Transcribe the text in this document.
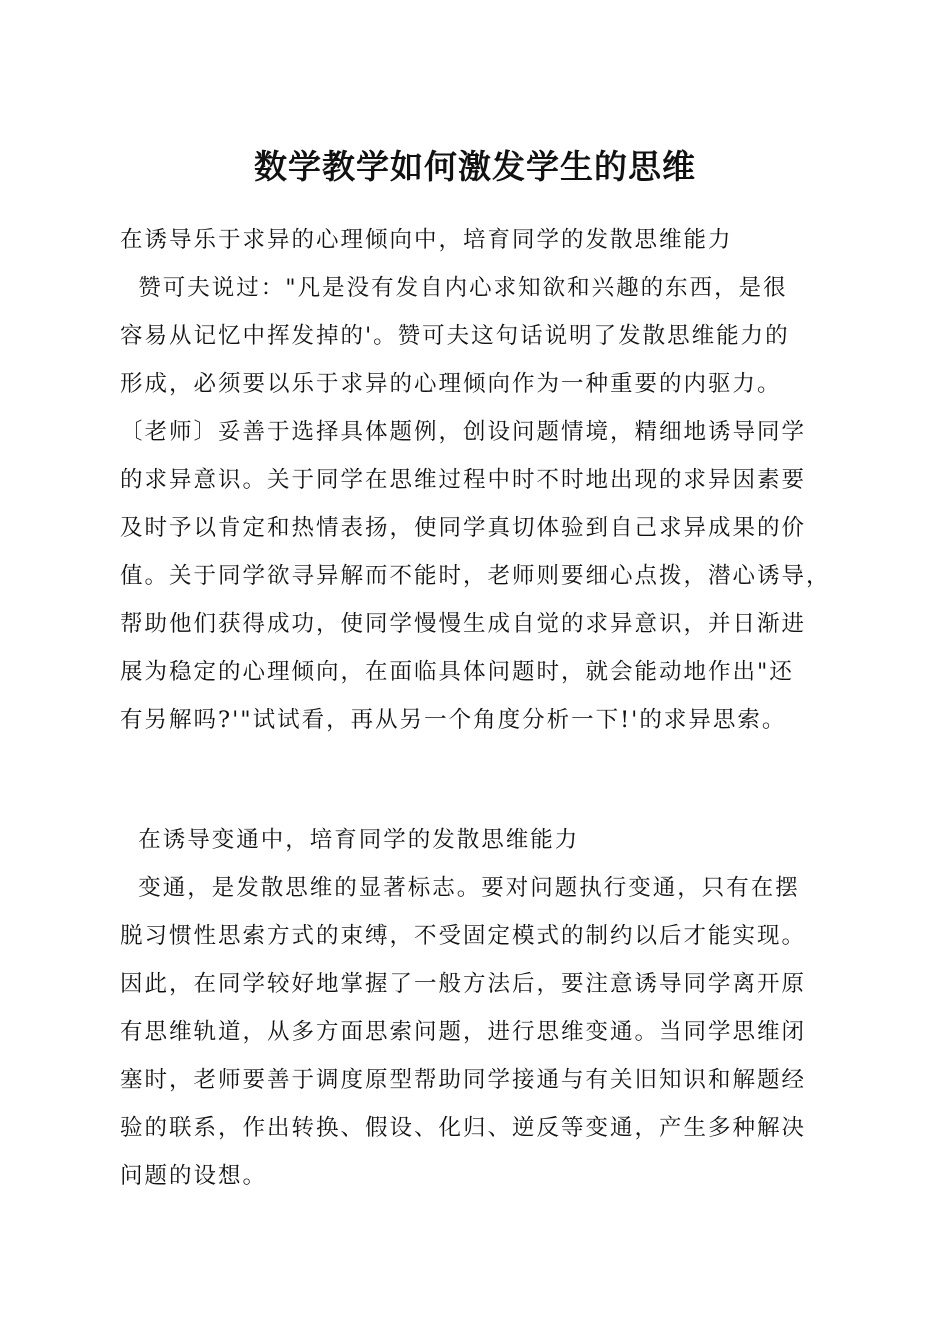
数学教学如何激发学生的思维
在诱导乐于求异的心理倾向中，培育同学的发散思维能力
赞可夫说过："凡是没有发自内心求知欲和兴趣的东西，是很
容易从记忆中挥发掉的'。赞可夫这句话说明了发散思维能力的
形成，必须要以乐于求异的心理倾向作为一种重要的内驱力。
〔老师〕妥善于选择具体题例，创设问题情境，精细地诱导同学
的求异意识。关于同学在思维过程中时不时地出现的求异因素要
及时予以肯定和热情表扬，使同学真切体验到自己求异成果的价
值。关于同学欲寻异解而不能时，老师则要细心点拨，潜心诱导，
帮助他们获得成功，使同学慢慢生成自觉的求异意识，并日渐进
展为稳定的心理倾向，在面临具体问题时，就会能动地作出"还
有另解吗?'"试试看，再从另一个角度分析一下!'的求异思索。
在诱导变通中，培育同学的发散思维能力
变通，是发散思维的显著标志。要对问题执行变通，只有在摆
脱习惯性思索方式的束缚，不受固定模式的制约以后才能实现。
因此，在同学较好地掌握了一般方法后，要注意诱导同学离开原
有思维轨道，从多方面思索问题，进行思维变通。当同学思维闭
塞时，老师要善于调度原型帮助同学接通与有关旧知识和解题经
验的联系，作出转换、假设、化归、逆反等变通，产生多种解决
问题的设想。
